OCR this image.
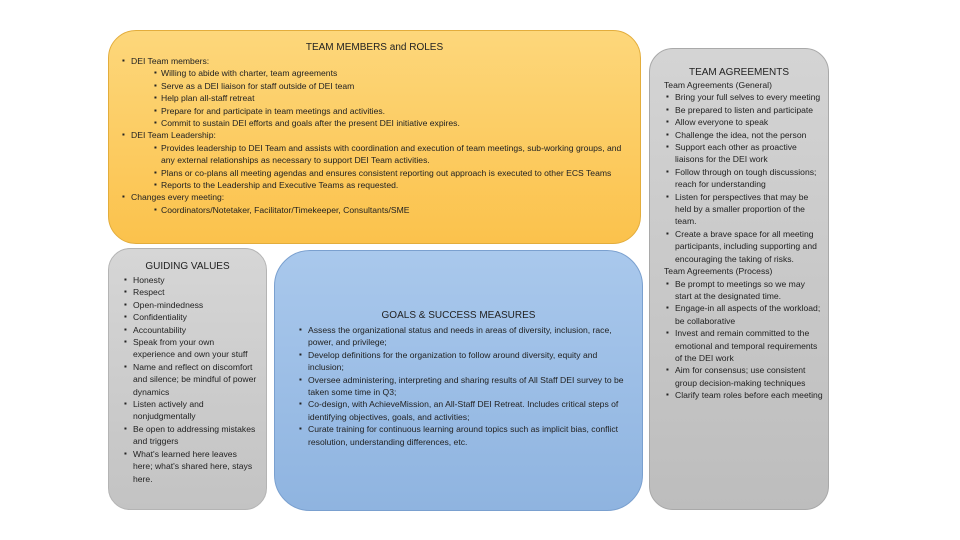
TEAM MEMBERS and ROLES
▪ DEI Team members:
▪ Willing to abide with charter, team agreements
▪ Serve as a DEI liaison for staff outside of DEI team
▪ Help plan all-staff retreat
▪ Prepare for and participate in team meetings and activities.
▪ Commit to sustain DEI efforts and goals after the present DEI initiative expires.
▪ DEI Team Leadership:
▪ Provides leadership to DEI Team and assists with coordination and execution of team meetings, sub-working groups, and any external relationships as necessary to support DEI Team activities.
▪ Plans or co-plans all meeting agendas and ensures consistent reporting out approach is executed to other ECS Teams
▪ Reports to the Leadership and Executive Teams as requested.
▪ Changes every meeting:
▪ Coordinators/Notetaker, Facilitator/Timekeeper, Consultants/SME
GUIDING VALUES
▪ Honesty
▪ Respect
▪ Open-mindedness
▪ Confidentiality
▪ Accountability
▪ Speak from your own experience and own your stuff
▪ Name and reflect on discomfort and silence; be mindful of power dynamics
▪ Listen actively and nonjudgmentally
▪ Be open to addressing mistakes and triggers
▪ What's learned here leaves here; what's shared here, stays here.
GOALS & SUCCESS MEASURES
▪ Assess the organizational status and needs in areas of diversity, inclusion, race, power, and privilege;
▪ Develop definitions for the organization to follow around diversity, equity and inclusion;
▪ Oversee administering, interpreting and sharing results of All Staff DEI survey to be taken some time in Q3;
▪ Co-design, with AchieveMission, an All-Staff DEI Retreat. Includes critical steps of identifying objectives, goals, and activities;
▪ Curate training for continuous learning around topics such as implicit bias, conflict resolution, understanding differences, etc.
TEAM AGREEMENTS
Team Agreements (General)
▪ Bring your full selves to every meeting
▪ Be prepared to listen and participate
▪ Allow everyone to speak
▪ Challenge the idea, not the person
▪ Support each other as proactive liaisons for the DEI work
▪ Follow through on tough discussions; reach for understanding
▪ Listen for perspectives that may be held by a smaller proportion of the team.
▪ Create a brave space for all meeting participants, including supporting and encouraging the taking of risks.
Team Agreements (Process)
▪ Be prompt to meetings so we may start at the designated time.
▪ Engage-in all aspects of the workload; be collaborative
▪ Invest and remain committed to the emotional and temporal requirements of the DEI work
▪ Aim for consensus; use consistent group decision-making techniques
▪ Clarify team roles before each meeting
